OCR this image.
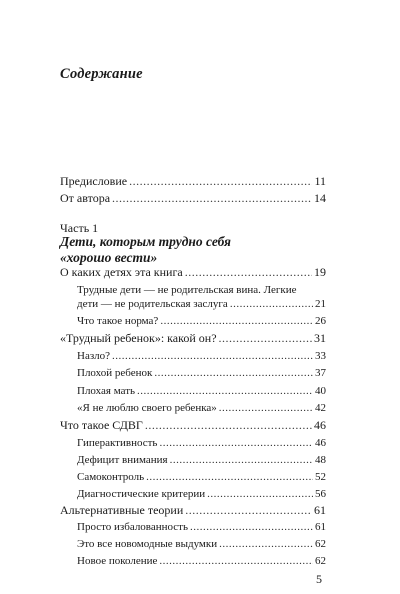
Содержание
Предисловие .....	11
От автора .....	14
Часть 1
Дети, которым трудно себя
«хорошо вести»
О каких детях эта книга .....	19
Трудные дети — не родительская вина. Легкие
дети — не родительская заслуга .....	21
Что такое норма? .....	26
«Трудный ребенок»: какой он? .....	31
Назло? .....	33
Плохой ребенок .....	37
Плохая мать .....	40
«Я не люблю своего ребенка» .....	42
Что такое СДВГ .....	46
Гиперактивность .....	46
Дефицит внимания .....	48
Самоконтроль .....	52
Диагностические критерии .....	56
Альтернативные теории .....	61
Просто избалованность .....	61
Это все новомодные выдумки .....	62
Новое поколение .....	62
5
